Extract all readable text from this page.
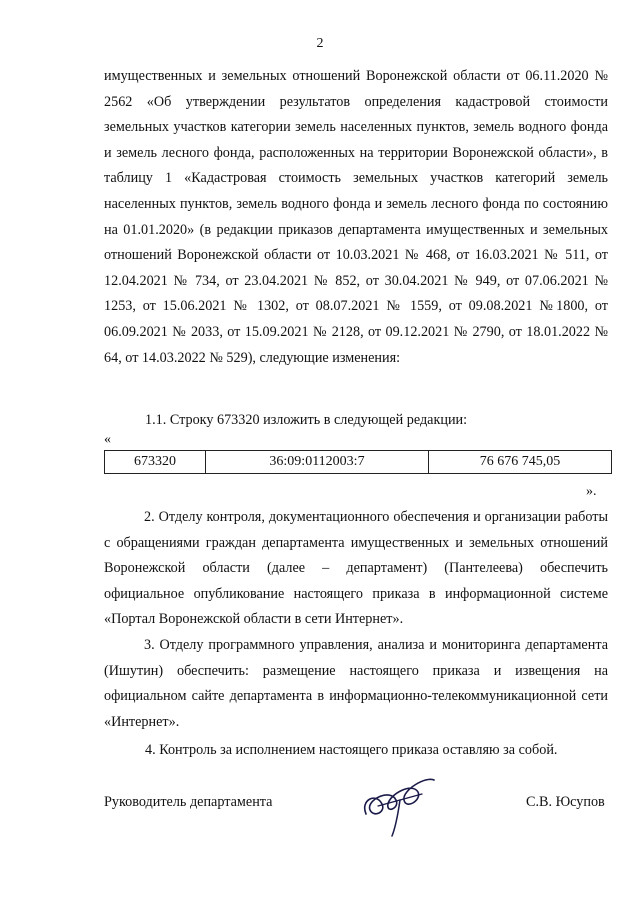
2

имущественных и земельных отношений Воронежской области от 06.11.2020 № 2562 «Об утверждении результатов определения кадастровой стоимости земельных участков категории земель населенных пунктов, земель водного фонда и земель лесного фонда, расположенных на территории Воронежской области», в таблицу 1 «Кадастровая стоимость земельных участков категорий земель населенных пунктов, земель водного фонда и земель лесного фонда по состоянию на 01.01.2020» (в редакции приказов департамента имущественных и земельных отношений Воронежской области от 10.03.2021 № 468, от 16.03.2021 № 511, от 12.04.2021 № 734, от 23.04.2021 № 852, от 30.04.2021 № 949, от 07.06.2021 № 1253, от 15.06.2021 № 1302, от 08.07.2021 № 1559, от 09.08.2021 №1800, от 06.09.2021 № 2033, от 15.09.2021 № 2128, от 09.12.2021 № 2790, от 18.01.2022 № 64, от 14.03.2022 № 529), следующие изменения:

1.1. Строку 673320 изложить в следующей редакции:

«
673320	36:09:0112003:7	76 676 745,05
».

2. Отделу контроля, документационного обеспечения и организации работы с обращениями граждан департамента имущественных и земельных отношений Воронежской области (далее – департамент) (Пантелеева) обеспечить официальное опубликование настоящего приказа в информационной системе «Портал Воронежской области в сети Интернет».

3. Отделу программного управления, анализа и мониторинга департамента (Ишутин) обеспечить: размещение настоящего приказа и извещения на официальном сайте департамента в информационно-телекоммуникационной сети «Интернет».

4. Контроль за исполнением настоящего приказа оставляю за собой.

Руководитель департамента	С.В. Юсупов
